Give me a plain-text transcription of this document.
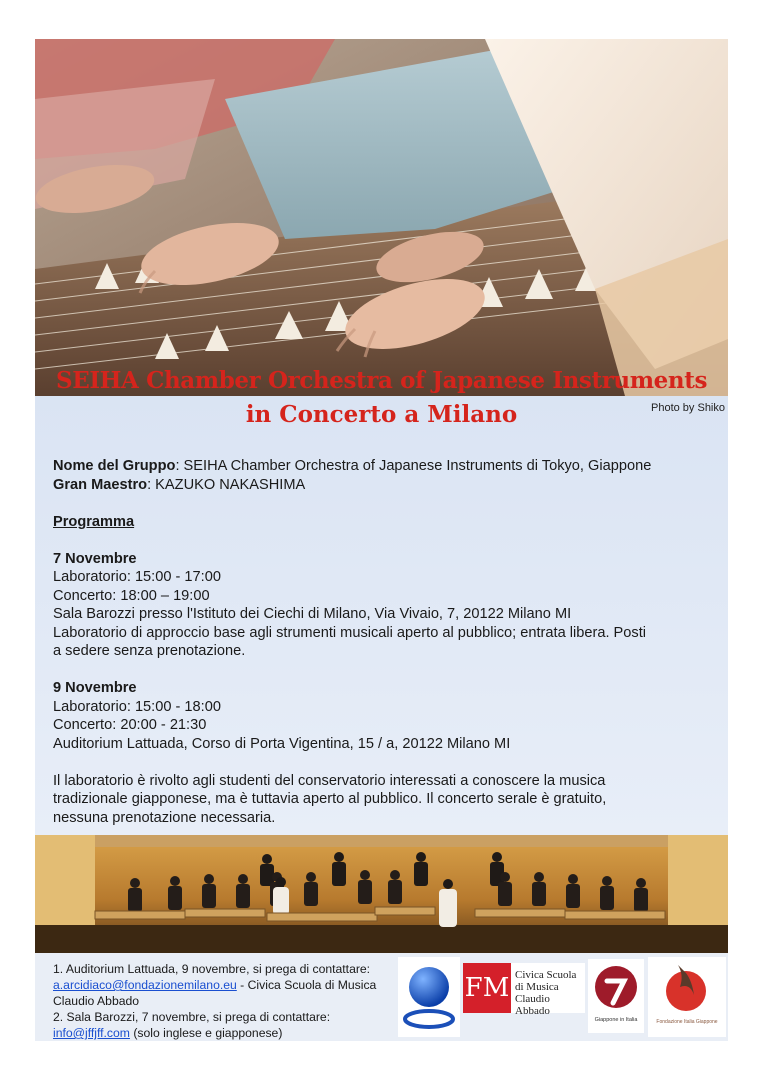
SEIHA Chamber Orchestra of Japanese Instruments
in Concerto a Milano	Photo by Shiko

Nome del Gruppo: SEIHA Chamber Orchestra of Japanese Instruments di Tokyo, Giappone

Gran Maestro: KAZUKO NAKASHIMA

Programma

7 Novembre

Laboratorio: 15:00 - 17:00

Concerto: 18:00 – 19:00

Sala Barozzi presso l'Istituto dei Ciechi di Milano, Via Vivaio, 7, 20122 Milano MI

Laboratorio di approccio base agli strumenti musicali aperto al pubblico; entrata libera. Posti

a sedere senza prenotazione.

9 Novembre

Laboratorio: 15:00 - 18:00

Concerto: 20:00 - 21:30

Auditorium Lattuada, Corso di Porta Vigentina, 15 / a, 20122 Milano MI

Il laboratorio è rivolto agli studenti del conservatorio interessati a conoscere la musica

tradizionale giapponese, ma è tuttavia aperto al pubblico. Il concerto serale è gratuito,

nessuna prenotazione necessaria.

1. Auditorium Lattuada, 9 novembre, si prega di contattare:
a.arcidiaco@fondazionemilano.eu - Civica Scuola di Musica
Claudio Abbado
2. Sala Barozzi, 7 novembre, si prega di contattare:
info@jffjff.com (solo inglese e giapponese)
FM Civica Scuola
di Musica
Claudio Abbado
Giappone in Italia	Fondazione Italia Giappone
